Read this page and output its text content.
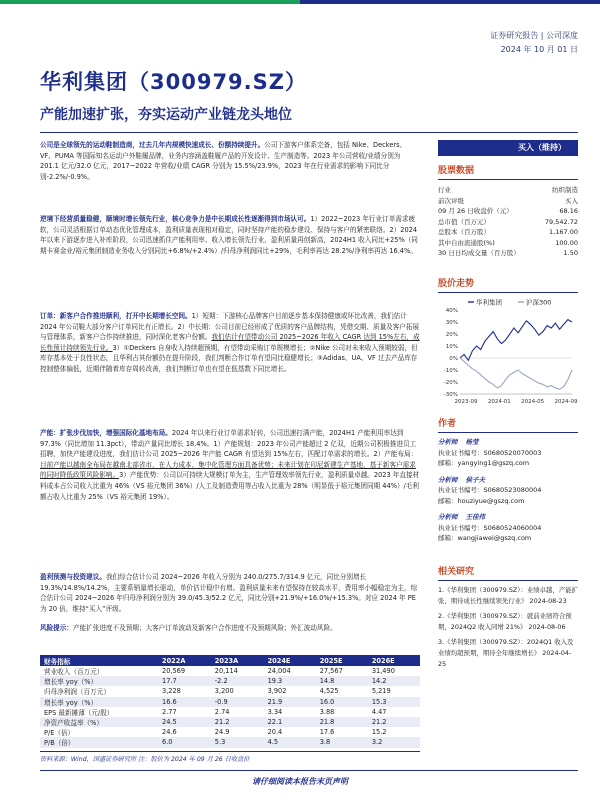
证券研究报告 | 公司深度
2024 年 10 月 01 日
华利集团（300979.SZ）
产能加速扩张，夯实运动产业链龙头地位
公司是全球领先的运动鞋制造商，过去几年内规模快速成长、份额持续提升。公司下游客户体系完备，包括 Nike、Deckers、VF、PUMA 等国际知名运动户外鞋履品牌，业务内容涵盖鞋履产品的开发设计、生产制造等。2023 年公司营收/业绩分别为 201.1 亿元/32.0 亿元，2017~2022 年营收/业绩 CAGR 分别为 15.5%/23.9%，2023 年在行业需求的影响下同比分别-2.2%/-0.9%。
逆境下经营质量稳健，顺境时增长领先行业，核心竞争力是中长期成长性逐渐得到市场认可。1）2022~2023 年行业订单需求疲软，公司灵活根据订单动态优化管理成本，盈利质量表现相对稳定，同时坚持产能的稳步建设、保持与客户的紧密联络。2）2024 年以来下游逐步进入补库阶段，公司迅速抓住产能利用率、收入增长领先行业，盈利质量再创新高，2024H1 收入同比+25%（同期卡赛金业/裕元集团制造业务收入分别同比+6.8%/+2.4%）/归母净利润同比+29%，毛利率再达 28.2%/净利率再达 16.4%。
订单：新客户合作推进顺利，打开中长期增长空间。1）短期：下游核心品牌客户目前逐步基本保持健康或环比改善，我们估计 2024 年公司鞋大部分客户订单同比有正增长。2）中长期：公司目前已经形成了优质的客户品牌结构，凭借交期、质量及客户拓展与管理体系，新客户合作持续推进，同时深化老客户份额。我们估计有望带动公司 2025~2026 年收入 CAGR 达到 15%左右，成长性预计持续领先行业。3）①Deckers 自身收入持续超预期，有望带动采购订单规模增长；②Nike 公司对未来收入预期较弱，但库存基本处于良性状态，且华利占其份额仍在提升阶段，我们判断合作订单有望同比稳健增长；③Adidas、UA、VF 过去产品库存控制整体偏低，近期伴随着库存周转改善，我们判断订单也有望在低基数下同比增长。
产能：扩张步伐加快，增强国际化基地布局。2024 年以来行业订单需求好转，公司迅速打满产能，2024H1 产能利用率达到 97.3%（同比增加 11.3pct），带动产量同比增长 18.4%。1）产能规划：2023 年公司产能超过 2 亿双，近期公司积极推进员工招聘，加快产能建设进度，我们估计公司 2025~2026 年产能 CAGR 有望达到 15%左右，匹配订单需求的增长。2）产能布局：目前产能以越南全布局在越南北部省市，在人力成本、集中化管理方面具备优势；未来计划在印尼新建生产基地，基于新客户需求的同时降低政策风险影响。3）产能优势：公司以可持续大规模订单为主，生产管理效率领先行业，盈利质量卓越。2023 年直接材料成本占公司收入比重为 46%（VS 裕元集团 36%）/人工及制造费用等占收入比重为 28%（明显低于裕元集团同期 44%）/毛利额占收入比重为 25%（VS 裕元集团 19%）。
盈利预测与投资建议。我们综合估计公司 2024~2026 年收入分别为 240.0/275.7/314.9 亿元，同比分别增长 19.3%/14.8%/14.2%，主要系销量增长驱动，单价估计稳中有增。盈利质量未来有望保持在较高水平，费用率小幅稳定为主，综合估计公司 2024~2026 年归母净利润分别为 39.0/45.3/52.2 亿元，同比分别+21.9%/+16.0%/+15.3%。对应 2024 年 PE 为 20 倍，维持“买入”评级。
风险提示：产能扩张进度不及预期；大客户订单波动及新客户合作进度不及预期风险；外汇波动风险。
财务指标	2022A	2023A	2024E	2025E	2026E
营业收入（百万元）	20,569	20,114	24,004	27,567	31,490
增长率 yoy（%）	17.7	-2.2	19.3	14.8	14.2
归母净利润（百万元）	3,228	3,200	3,902	4,525	5,219
增长率 yoy（%）	16.6	-0.9	21.9	16.0	15.3
EPS 最新摊薄（元/股）	2.77	2.74	3.34	3.88	4.47
净资产收益率（%）	24.5	21.2	22.1	21.8	21.2
P/E（倍）	24.6	24.9	20.4	17.6	15.2
P/B（倍）	6.0	5.3	4.5	3.8	3.2
资料来源：Wind，国盛证券研究所 注：股价为 2024 年 09 月 26 日收盘价
买入（维持）
股票数据
行业	纺织制造
前次评级	买入
09 月 26 日收盘价（元）	68.16
总市值（百万元）	79,542.72
总股本（百万股）	1,167.00
其中自由流通股(%)	100.00
30 日日均成交量（百万股）	1.50
股价走势
华利集团	沪深300
-30%
-20%
-10%
0%
10%
20%
30%
40%
2023-09 2024-01 2024-05 2024-09
作者
分析师 杨莹
执业证书编号：S0680520070003
邮箱：yangying1@gszq.com
分析师 侯子夫
执业证书编号：S0680523080004
邮箱：houziyue@gszq.com
分析师 王佳伟
执业证书编号：S0680524060004
邮箱：wangjiawei@gszq.com
相关研究
1.《华利集团（300979.SZ）：业绩卓越，产能扩张、期待成长性继续领先行业》 2024-08-23
2.《华利集团（300979.SZ）：就前业绩符合预期，2024Q2 收入同增 21%》 2024-08-06
3.《华利集团（300979.SZ）：2024Q1 收入及业绩均超预期，期待全年继续增长》 2024-04-25
请仔细阅读本报告末页声明
